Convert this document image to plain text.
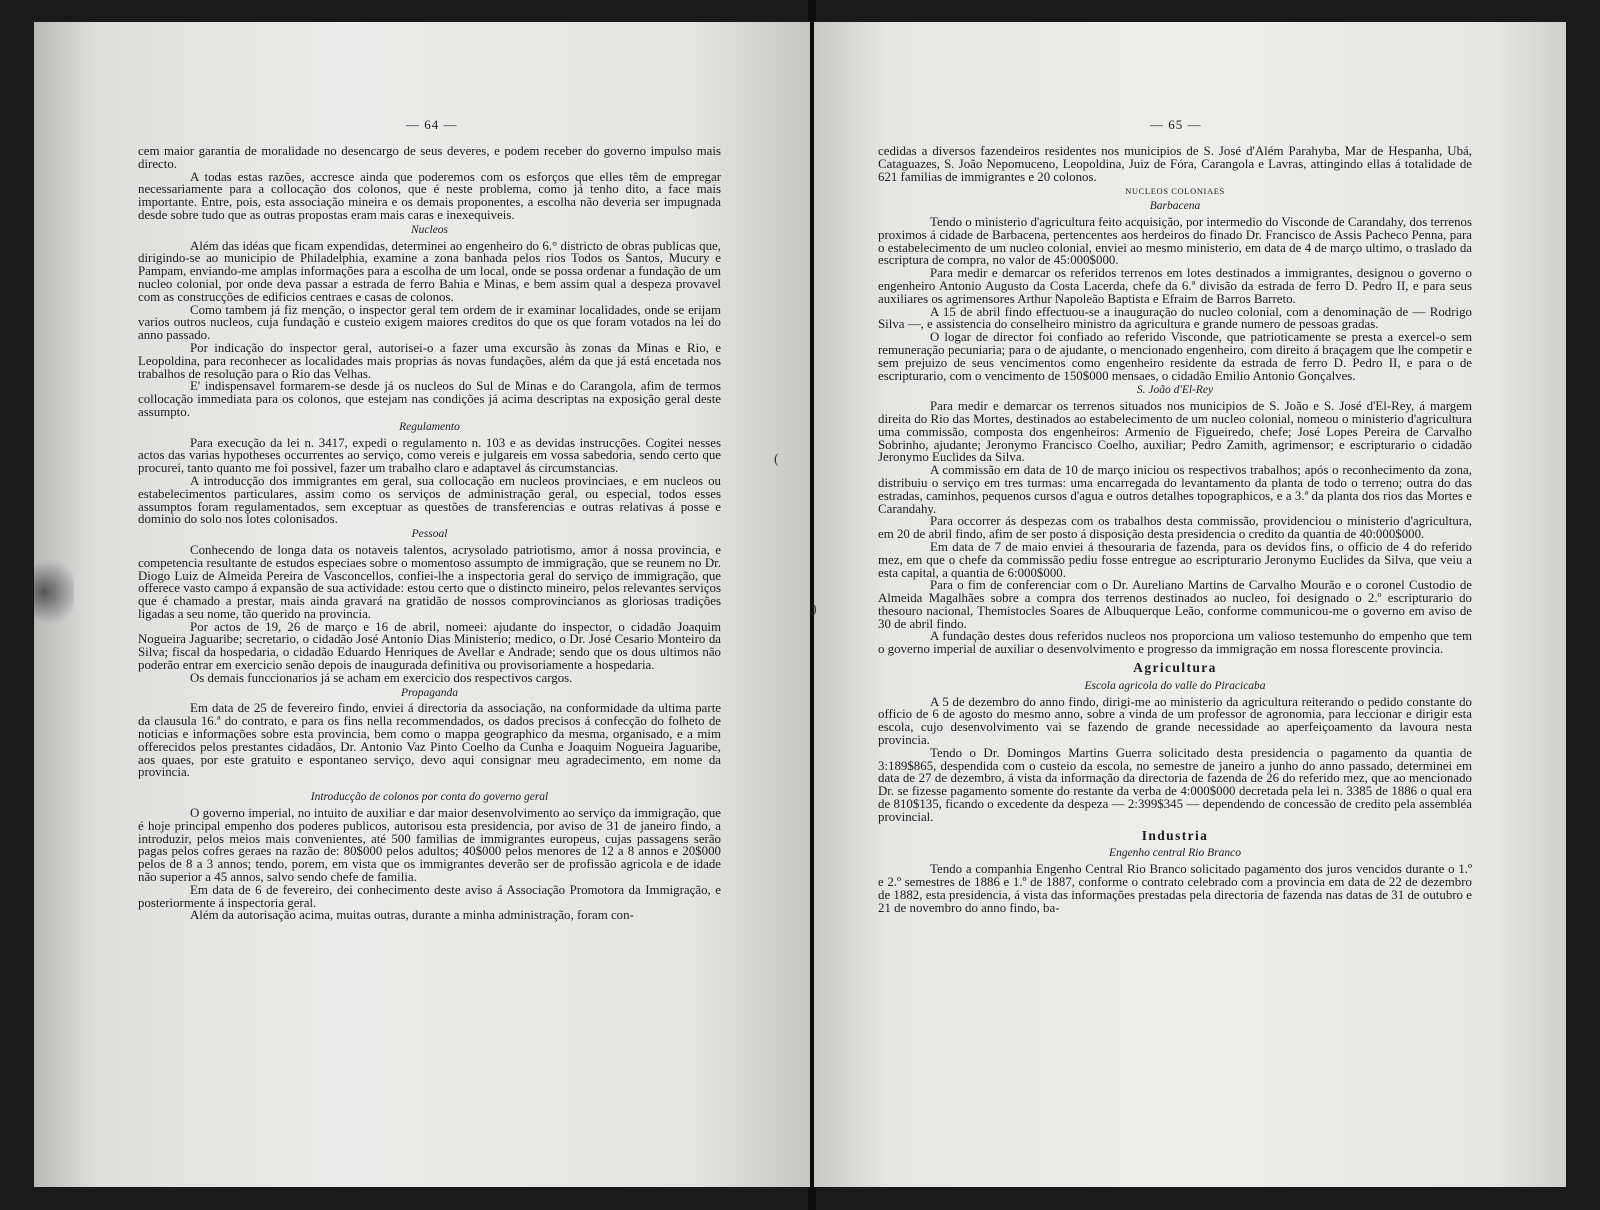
— 64 —

cem maior garantia de moralidade no desencargo de seus deveres, e podem receber do governo impulso mais directo.

A todas estas razões, accresce ainda que poderemos com os esforços que elles têm de empregar necessariamente para a collocação dos colonos, que é neste problema, como já tenho dito, a face mais importante. Entre, pois, esta associação mineira e os demais proponentes, a escolha não deveria ser impugnada desde sobre tudo que as outras propostas eram mais caras e inexequiveis.

Nucleos

Além das idéas que ficam expendidas, determinei ao engenheiro do 6.° districto de obras publicas que, dirigindo-se ao municipio de Philadelphia, examine a zona banhada pelos rios Todos os Santos, Mucury e Pampam, enviando-me amplas informações para a escolha de um local, onde se possa ordenar a fundação de um nucleo colonial, por onde deva passar a estrada de ferro Bahia e Minas, e bem assim qual a despeza provavel com as construcções de edificios centraes e casas de colonos.

Como tambem já fiz menção, o inspector geral tem ordem de ir examinar localidades, onde se erijam varios outros nucleos, cuja fundação e custeio exigem maiores creditos do que os que foram votados na lei do anno passado.

Por indicação do inspector geral, autorisei-o a fazer uma excursão às zonas da Minas e Rio, e Leopoldina, para reconhecer as localidades mais proprias ás novas fundações, além da que já está encetada nos trabalhos de resolução para o Rio das Velhas.

E' indispensavel formarem-se desde já os nucleos do Sul de Minas e do Carangola, afim de termos collocação immediata para os colonos, que estejam nas condições já acima descriptas na exposição geral deste assumpto.

Regulamento

Para execução da lei n. 3417, expedi o regulamento n. 103 e as devidas instrucções. Cogitei nesses actos das varias hypotheses occurrentes ao serviço, como vereis e julgareis em vossa sabedoria, sendo certo que procurei, tanto quanto me foi possivel, fazer um trabalho claro e adaptavel ás circumstancias.

A introducção dos immigrantes em geral, sua collocação em nucleos provinciaes, e em nucleos ou estabelecimentos particulares, assim como os serviços de administração geral, ou especial, todos esses assumptos foram regulamentados, sem exceptuar as questões de transferencias e outras relativas á posse e dominio do solo nos lotes colonisados.

Pessoal

Conhecendo de longa data os notaveis talentos, acrysolado patriotismo, amor á nossa provincia, e competencia resultante de estudos especiaes sobre o momentoso assumpto de immigração, que se reunem no Dr. Diogo Luiz de Almeida Pereira de Vasconcellos, confiei-lhe a inspectoria geral do serviço de immigração, que offerece vasto campo á expansão de sua actividade: estou certo que o distincto mineiro, pelos relevantes serviços que é chamado a prestar, mais ainda gravará na gratidão de nossos comprovincianos as gloriosas tradições ligadas a seu nome, tão querido na provincia.

Por actos de 19, 26 de março e 16 de abril, nomeei: ajudante do inspector, o cidadão Joaquim Nogueira Jaguaribe; secretario, o cidadão José Antonio Dias Ministerio; medico, o Dr. José Cesario Monteiro da Silva; fiscal da hospedaria, o cidadão Eduardo Henriques de Avellar e Andrade; sendo que os dous ultimos não poderão entrar em exercicio senão depois de inaugurada definitiva ou provisoriamente a hospedaria.

Os demais funccionarios já se acham em exercicio dos respectivos cargos.

Propaganda

Em data de 25 de fevereiro findo, enviei á directoria da associação, na conformidade da ultima parte da clausula 16.ª do contrato, e para os fins nella recommendados, os dados precisos á confecção do folheto de noticias e informações sobre esta provincia, bem como o mappa geographico da mesma, organisado, e a mim offerecidos pelos prestantes cidadãos, Dr. Antonio Vaz Pinto Coelho da Cunha e Joaquim Nogueira Jaguaribe, aos quaes, por este gratuito e espontaneo serviço, devo aqui consignar meu agradecimento, em nome da provincia.

Introducção de colonos por conta do governo geral

O governo imperial, no intuito de auxiliar e dar maior desenvolvimento ao serviço da immigração, que é hoje principal empenho dos poderes publicos, autorisou esta presidencia, por aviso de 31 de janeiro findo, a introduzir, pelos meios mais convenientes, até 500 familias de immigrantes europeus, cujas passagens serão pagas pelos cofres geraes na razão de: 80$000 pelos adultos; 40$000 pelos menores de 12 a 8 annos e 20$000 pelos de 8 a 3 annos; tendo, porem, em vista que os immigrantes deverão ser de profissão agricola e de idade não superior a 45 annos, salvo sendo chefe de familia.

Em data de 6 de fevereiro, dei conhecimento deste aviso á Associação Promotora da Immigração, e posteriormente á inspectoria geral.

Além da autorisação acima, muitas outras, durante a minha administração, foram con-

(
— 65 —

cedidas a diversos fazendeiros residentes nos municipios de S. José d'Além Parahyba, Mar de Hespanha, Ubá, Cataguazes, S. João Nepomuceno, Leopoldina, Juiz de Fóra, Carangola e Lavras, attingindo ellas á totalidade de 621 familias de immigrantes e 20 colonos.

NUCLEOS COLONIAES
Barbacena

Tendo o ministerio d'agricultura feito acquisição, por intermedio do Visconde de Carandahy, dos terrenos proximos á cidade de Barbacena, pertencentes aos herdeiros do finado Dr. Francisco de Assis Pacheco Penna, para o estabelecimento de um nucleo colonial, enviei ao mesmo ministerio, em data de 4 de março ultimo, o traslado da escriptura de compra, no valor de 45:000$000.

Para medir e demarcar os referidos terrenos em lotes destinados a immigrantes, designou o governo o engenheiro Antonio Augusto da Costa Lacerda, chefe da 6.ª divisão da estrada de ferro D. Pedro II, e para seus auxiliares os agrimensores Arthur Napoleão Baptista e Efraim de Barros Barreto.

A 15 de abril findo effectuou-se a inauguração do nucleo colonial, com a denominação de — Rodrigo Silva —, e assistencia do conselheiro ministro da agricultura e grande numero de pessoas gradas.

O logar de director foi confiado ao referido Visconde, que patrioticamente se presta a exercel-o sem remuneração pecuniaria; para o de ajudante, o mencionado engenheiro, com direito á braçagem que lhe competir e sem prejuizo de seus vencimentos como engenheiro residente da estrada de ferro D. Pedro II, e para o de escripturario, com o vencimento de 150$000 mensaes, o cidadão Emilio Antonio Gonçalves.

S. João d'El-Rey

Para medir e demarcar os terrenos situados nos municipios de S. João e S. José d'El-Rey, á margem direita do Rio das Mortes, destinados ao estabelecimento de um nucleo colonial, nomeou o ministerio d'agricultura uma commissão, composta dos engenheiros: Armenio de Figueiredo, chefe; José Lopes Pereira de Carvalho Sobrinho, ajudante; Jeronymo Francisco Coelho, auxiliar; Pedro Zamith, agrimensor; e escripturario o cidadão Jeronymo Euclides da Silva.

A commissão em data de 10 de março iniciou os respectivos trabalhos; após o reconhecimento da zona, distribuiu o serviço em tres turmas: uma encarregada do levantamento da planta de todo o terreno; outra do das estradas, caminhos, pequenos cursos d'agua e outros detalhes topographicos, e a 3.ª da planta dos rios das Mortes e Carandahy.

Para occorrer ás despezas com os trabalhos desta commissão, providenciou o ministerio d'agricultura, em 20 de abril findo, afim de ser posto á disposição desta presidencia o credito da quantia de 40:000$000.

Em data de 7 de maio enviei á thesouraria de fazenda, para os devidos fins, o officio de 4 do referido mez, em que o chefe da commissão pediu fosse entregue ao escripturario Jeronymo Euclides da Silva, que veiu a esta capital, a quantia de 6:000$000.

Para o fim de conferenciar com o Dr. Aureliano Martins de Carvalho Mourão e o coronel Custodio de Almeida Magalhães sobre a compra dos terrenos destinados ao nucleo, foi designado o 2.º escripturario do thesouro nacional, Themistocles Soares de Albuquerque Leão, conforme communicou-me o governo em aviso de 30 de abril findo.

A fundação destes dous referidos nucleos nos proporciona um valioso testemunho do empenho que tem o governo imperial de auxiliar o desenvolvimento e progresso da immigração em nossa florescente provincia.

Agricultura
Escola agricola do valle do Piracicaba

A 5 de dezembro do anno findo, dirigi-me ao ministerio da agricultura reiterando o pedido constante do officio de 6 de agosto do mesmo anno, sobre a vinda de um professor de agronomia, para leccionar e dirigir esta escola, cujo desenvolvimento vai se fazendo de grande necessidade ao aperfeiçoamento da lavoura nesta provincia.

Tendo o Dr. Domingos Martins Guerra solicitado desta presidencia o pagamento da quantia de 3:189$865, despendida com o custeio da escola, no semestre de janeiro a junho do anno passado, determinei em data de 27 de dezembro, á vista da informação da directoria de fazenda de 26 do referido mez, que ao mencionado Dr. se fizesse pagamento somente do restante da verba de 4:000$000 decretada pela lei n. 3385 de 1886 o qual era de 810$135, ficando o excedente da despeza — 2:399$345 — dependendo de concessão de credito pela assembléa provincial.

Industria
Engenho central Rio Branco

Tendo a companhia Engenho Central Rio Branco solicitado pagamento dos juros vencidos durante o 1.º e 2.º semestres de 1886 e 1.º de 1887, conforme o contrato celebrado com a provincia em data de 22 de dezembro de 1882, esta presidencia, á vista das informações prestadas pela directoria de fazenda nas datas de 31 de outubro e 21 de novembro do anno findo, ba-

)
